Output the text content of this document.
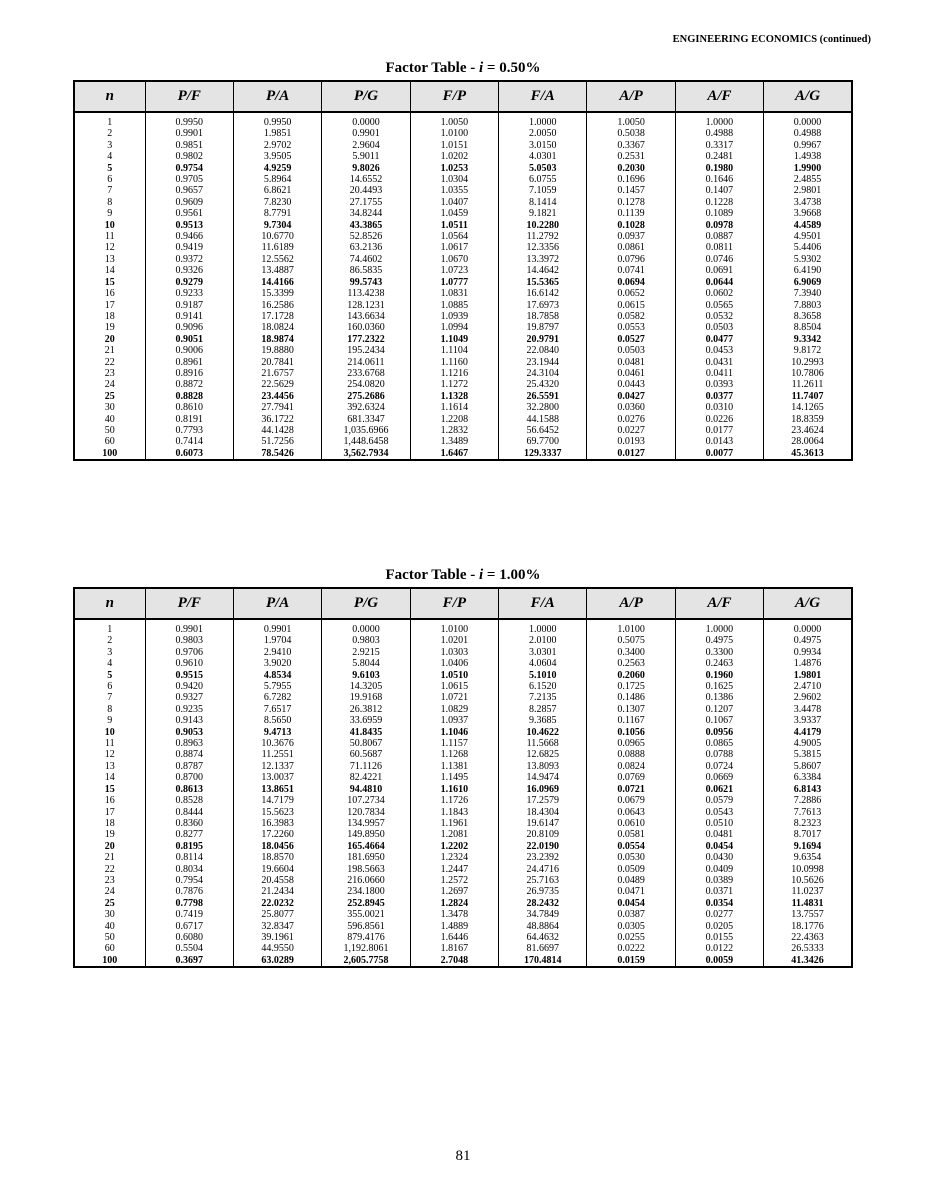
ENGINEERING ECONOMICS (continued)
Factor Table - i = 0.50%
n	P/F	P/A	P/G	F/P	F/A	A/P	A/F	A/G
1	0.9950	0.9950	0.0000	1.0050	1.0000	1.0050	1.0000	0.0000
2	0.9901	1.9851	0.9901	1.0100	2.0050	0.5038	0.4988	0.4988
3	0.9851	2.9702	2.9604	1.0151	3.0150	0.3367	0.3317	0.9967
4	0.9802	3.9505	5.9011	1.0202	4.0301	0.2531	0.2481	1.4938
5	0.9754	4.9259	9.8026	1.0253	5.0503	0.2030	0.1980	1.9900
6	0.9705	5.8964	14.6552	1.0304	6.0755	0.1696	0.1646	2.4855
7	0.9657	6.8621	20.4493	1.0355	7.1059	0.1457	0.1407	2.9801
8	0.9609	7.8230	27.1755	1.0407	8.1414	0.1278	0.1228	3.4738
9	0.9561	8.7791	34.8244	1.0459	9.1821	0.1139	0.1089	3.9668
10	0.9513	9.7304	43.3865	1.0511	10.2280	0.1028	0.0978	4.4589
11	0.9466	10.6770	52.8526	1.0564	11.2792	0.0937	0.0887	4.9501
12	0.9419	11.6189	63.2136	1.0617	12.3356	0.0861	0.0811	5.4406
13	0.9372	12.5562	74.4602	1.0670	13.3972	0.0796	0.0746	5.9302
14	0.9326	13.4887	86.5835	1.0723	14.4642	0.0741	0.0691	6.4190
15	0.9279	14.4166	99.5743	1.0777	15.5365	0.0694	0.0644	6.9069
16	0.9233	15.3399	113.4238	1.0831	16.6142	0.0652	0.0602	7.3940
17	0.9187	16.2586	128.1231	1.0885	17.6973	0.0615	0.0565	7.8803
18	0.9141	17.1728	143.6634	1.0939	18.7858	0.0582	0.0532	8.3658
19	0.9096	18.0824	160.0360	1.0994	19.8797	0.0553	0.0503	8.8504
20	0.9051	18.9874	177.2322	1.1049	20.9791	0.0527	0.0477	9.3342
21	0.9006	19.8880	195.2434	1.1104	22.0840	0.0503	0.0453	9.8172
22	0.8961	20.7841	214.0611	1.1160	23.1944	0.0481	0.0431	10.2993
23	0.8916	21.6757	233.6768	1.1216	24.3104	0.0461	0.0411	10.7806
24	0.8872	22.5629	254.0820	1.1272	25.4320	0.0443	0.0393	11.2611
25	0.8828	23.4456	275.2686	1.1328	26.5591	0.0427	0.0377	11.7407
30	0.8610	27.7941	392.6324	1.1614	32.2800	0.0360	0.0310	14.1265
40	0.8191	36.1722	681.3347	1.2208	44.1588	0.0276	0.0226	18.8359
50	0.7793	44.1428	1,035.6966	1.2832	56.6452	0.0227	0.0177	23.4624
60	0.7414	51.7256	1,448.6458	1.3489	69.7700	0.0193	0.0143	28.0064
100	0.6073	78.5426	3,562.7934	1.6467	129.3337	0.0127	0.0077	45.3613
Factor Table - i = 1.00%
n	P/F	P/A	P/G	F/P	F/A	A/P	A/F	A/G
1	0.9901	0.9901	0.0000	1.0100	1.0000	1.0100	1.0000	0.0000
2	0.9803	1.9704	0.9803	1.0201	2.0100	0.5075	0.4975	0.4975
3	0.9706	2.9410	2.9215	1.0303	3.0301	0.3400	0.3300	0.9934
4	0.9610	3.9020	5.8044	1.0406	4.0604	0.2563	0.2463	1.4876
5	0.9515	4.8534	9.6103	1.0510	5.1010	0.2060	0.1960	1.9801
6	0.9420	5.7955	14.3205	1.0615	6.1520	0.1725	0.1625	2.4710
7	0.9327	6.7282	19.9168	1.0721	7.2135	0.1486	0.1386	2.9602
8	0.9235	7.6517	26.3812	1.0829	8.2857	0.1307	0.1207	3.4478
9	0.9143	8.5650	33.6959	1.0937	9.3685	0.1167	0.1067	3.9337
10	0.9053	9.4713	41.8435	1.1046	10.4622	0.1056	0.0956	4.4179
11	0.8963	10.3676	50.8067	1.1157	11.5668	0.0965	0.0865	4.9005
12	0.8874	11.2551	60.5687	1.1268	12.6825	0.0888	0.0788	5.3815
13	0.8787	12.1337	71.1126	1.1381	13.8093	0.0824	0.0724	5.8607
14	0.8700	13.0037	82.4221	1.1495	14.9474	0.0769	0.0669	6.3384
15	0.8613	13.8651	94.4810	1.1610	16.0969	0.0721	0.0621	6.8143
16	0.8528	14.7179	107.2734	1.1726	17.2579	0.0679	0.0579	7.2886
17	0.8444	15.5623	120.7834	1.1843	18.4304	0.0643	0.0543	7.7613
18	0.8360	16.3983	134.9957	1.1961	19.6147	0.0610	0.0510	8.2323
19	0.8277	17.2260	149.8950	1.2081	20.8109	0.0581	0.0481	8.7017
20	0.8195	18.0456	165.4664	1.2202	22.0190	0.0554	0.0454	9.1694
21	0.8114	18.8570	181.6950	1.2324	23.2392	0.0530	0.0430	9.6354
22	0.8034	19.6604	198.5663	1.2447	24.4716	0.0509	0.0409	10.0998
23	0.7954	20.4558	216.0660	1.2572	25.7163	0.0489	0.0389	10.5626
24	0.7876	21.2434	234.1800	1.2697	26.9735	0.0471	0.0371	11.0237
25	0.7798	22.0232	252.8945	1.2824	28.2432	0.0454	0.0354	11.4831
30	0.7419	25.8077	355.0021	1.3478	34.7849	0.0387	0.0277	13.7557
40	0.6717	32.8347	596.8561	1.4889	48.8864	0.0305	0.0205	18.1776
50	0.6080	39.1961	879.4176	1.6446	64.4632	0.0255	0.0155	22.4363
60	0.5504	44.9550	1,192.8061	1.8167	81.6697	0.0222	0.0122	26.5333
100	0.3697	63.0289	2,605.7758	2.7048	170.4814	0.0159	0.0059	41.3426
81
